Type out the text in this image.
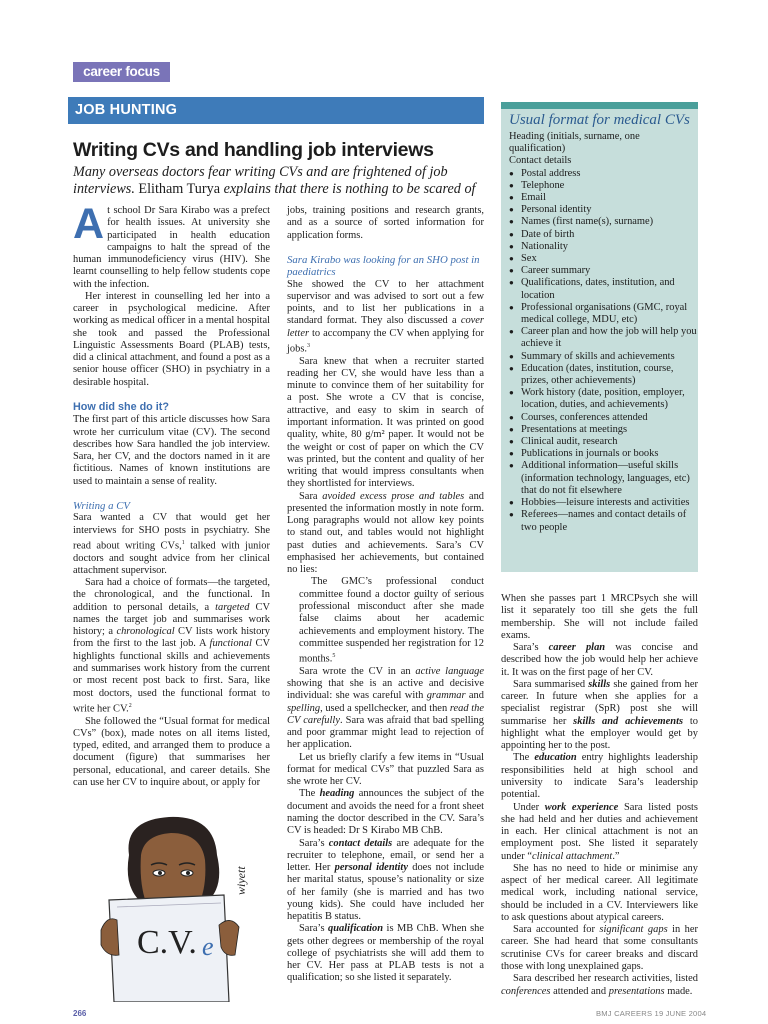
career focus
JOB HUNTING
Writing CVs and handling job interviews
Many overseas doctors fear writing CVs and are frightened of job interviews. Elitham Turya explains that there is nothing to be scared of

At school Dr Sara Kirabo was a prefect for health issues. At university she participated in health education campaigns to halt the spread of the human immunodeficiency virus (HIV). She learnt counselling to help fellow students cope with the infection.

Her interest in counselling led her into a career in psychological medicine. After working as medical officer in a mental hospital she took and passed the Professional Linguistic Assessments Board (PLAB) tests, did a clinical attachment, and found a post as a senior house officer (SHO) in psychiatry in a desirable hospital.

How did she do it?

The first part of this article discusses how Sara wrote her curriculum vitae (CV). The second describes how Sara handled the job interview. Sara, her CV, and the doctors named in it are fictitious. Names of known institutions are used to maintain a sense of reality.

Writing a CV

Sara wanted a CV that would get her interviews for SHO posts in psychiatry. She read about writing CVs,$^1$ talked with junior doctors and sought advice from her clinical attachment supervisor.

Sara had a choice of formats—the targeted, the chronological, and the functional. In addition to personal details, a targeted CV names the target job and summarises work history; a chronological CV lists work history from the first to the last job. A functional CV highlights functional skills and achievements and summarises work history from the current or most recent post back to first. Sara, like most doctors, used the functional format to write her CV.$^2$

She followed the “Usual format for medical CVs” (box), made notes on all items listed, typed, edited, and arranged them to produce a document (figure) that summarises her personal, educational, and career details. She can use her CV to inquire about, or apply for

jobs, training positions and research grants, and as a source of sorted information for application forms.

Sara Kirabo was looking for an SHO post in paediatrics

She showed the CV to her attachment supervisor and was advised to sort out a few points, and to list her publications in a standard format. They also discussed a cover letter to accompany the CV when applying for jobs.$^3$

Sara knew that when a recruiter started reading her CV, she would have less than a minute to convince them of her suitability for a post. She wrote a CV that is concise, attractive, and easy to skim in search of important information. It was printed on good quality, white, 80 g/m² paper. It would not be the weight or cost of paper on which the CV was printed, but the content and quality of her writing that would impress consultants when they shortlisted for interviews.

Sara avoided excess prose and tables and presented the information mostly in note form. Long paragraphs would not allow key points to stand out, and tables would not highlight past duties and achievements. Sara’s CV emphasised her achievements, but contained no lies:

The GMC’s professional conduct committee found a doctor guilty of serious professional misconduct after she made false claims about her academic achievements and employment history. The committee suspended her registration for 12 months.$^5$

Sara wrote the CV in an active language showing that she is an active and decisive individual: she was careful with grammar and spelling, used a spellchecker, and then read the CV carefully. Sara was afraid that bad spelling and poor grammar might lead to rejection of her application.

Let us briefly clarify a few items in “Usual format for medical CVs” that puzzled Sara as she wrote her CV.

The heading announces the subject of the document and avoids the need for a front sheet naming the doctor described in the CV. Sara’s CV is headed: Dr S Kirabo MB ChB.

Sara’s contact details are adequate for the recruiter to telephone, email, or send her a letter. Her personal identity does not include her marital status, spouse’s nationality or size of her family (she is married and has two young kids). She could have included her hepatitis B status.

Sara’s qualification is MB ChB. When she gets other degrees or membership of the royal college of psychiatrists she will add them to her CV. Her pass at PLAB tests is not a qualification; so she listed it separately.

Usual format for medical CVs
Heading (initials, surname, one qualification)
Contact details
● Postal address
● Telephone
● Email
● Personal identity
● Names (first name(s), surname)
● Date of birth
● Nationality
● Sex
● Career summary
● Qualifications, dates, institution, and location
● Professional organisations (GMC, royal medical college, MDU, etc)
● Career plan and how the job will help you achieve it
● Summary of skills and achievements
● Education (dates, institution, course, prizes, other achievements)
● Work history (date, position, employer, location, duties, and achievements)
● Courses, conferences attended
● Presentations at meetings
● Clinical audit, research
● Publications in journals or books
● Additional information—useful skills (information technology, languages, etc) that do not fit elsewhere
● Hobbies—leisure interests and activities
● Referees—names and contact details of two people

When she passes part 1 MRCPsych she will list it separately too till she gets the full membership. She will not include failed exams.

Sara’s career plan was concise and described how the job would help her achieve it. It was on the first page of her CV.

Sara summarised skills she gained from her career. In future when she applies for a specialist registrar (SpR) post she will summarise her skills and achievements to highlight what the employer would get by appointing her to the post.

The education entry highlights leadership responsibilities held at high school and university to indicate Sara’s leadership potential.

Under work experience Sara listed posts she had held and her duties and achievement in each. Her clinical attachment is not an employment post. She listed it separately under “clinical attachment.”

She has no need to hide or minimise any aspect of her medical career. All legitimate medical work, including national service, should be included in a CV. Interviewers like to ask questions about atypical careers.

Sara accounted for significant gaps in her career. She had heard that some consultants scrutinise CVs for career breaks and discard those with long unexplained gaps.

Sara described her research activities, listed conferences attended and presentations made.

C.V. e
wiyett
266	BMJ CAREERS 19 JUNE 2004
